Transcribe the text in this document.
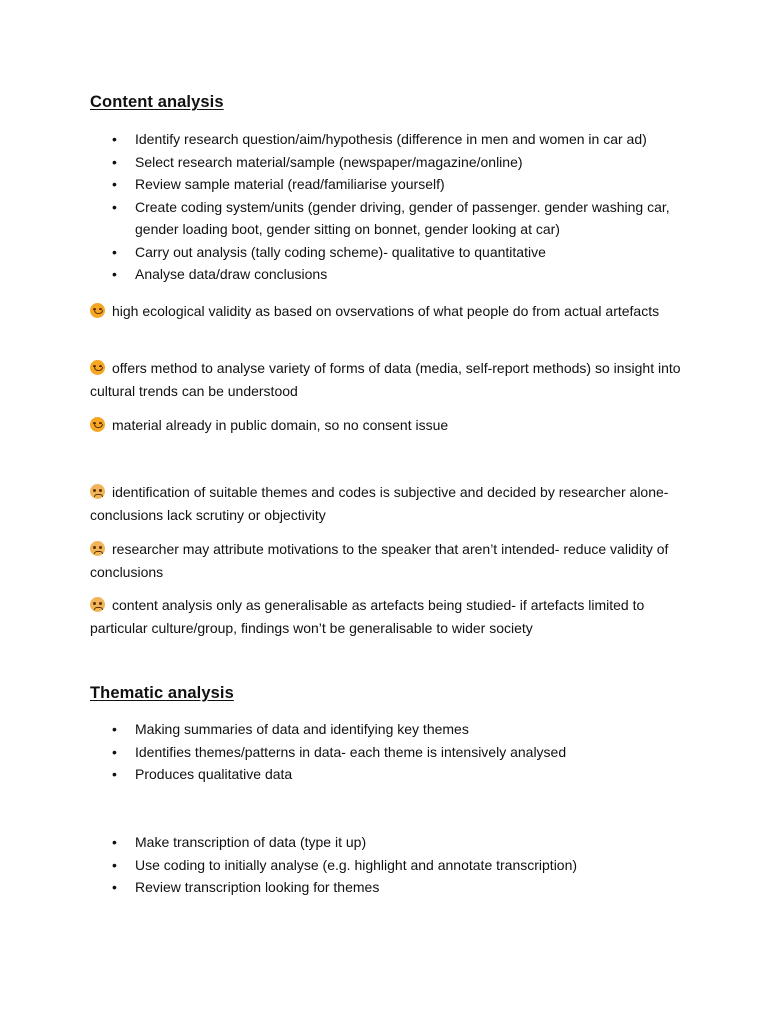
Content analysis
• Identify research question/aim/hypothesis (difference in men and women in car ad)
• Select research material/sample (newspaper/magazine/online)
• Review sample material (read/familiarise yourself)
• Create coding system/units (gender driving, gender of passenger. gender washing car, gender loading boot, gender sitting on bonnet, gender looking at car)
• Carry out analysis (tally coding scheme)- qualitative to quantitative
• Analyse data/draw conclusions
high ecological validity as based on ovservations of what people do from actual artefacts
offers method to analyse variety of forms of data (media, self-report methods) so insight into cultural trends can be understood
material already in public domain, so no consent issue
identification of suitable themes and codes is subjective and decided by researcher alone- conclusions lack scrutiny or objectivity
researcher may attribute motivations to the speaker that aren’t intended- reduce validity of conclusions
content analysis only as generalisable as artefacts being studied- if artefacts limited to particular culture/group, findings won’t be generalisable to wider society
Thematic analysis
• Making summaries of data and identifying key themes
• Identifies themes/patterns in data- each theme is intensively analysed
• Produces qualitative data
• Make transcription of data (type it up)
• Use coding to initially analyse (e.g. highlight and annotate transcription)
• Review transcription looking for themes
